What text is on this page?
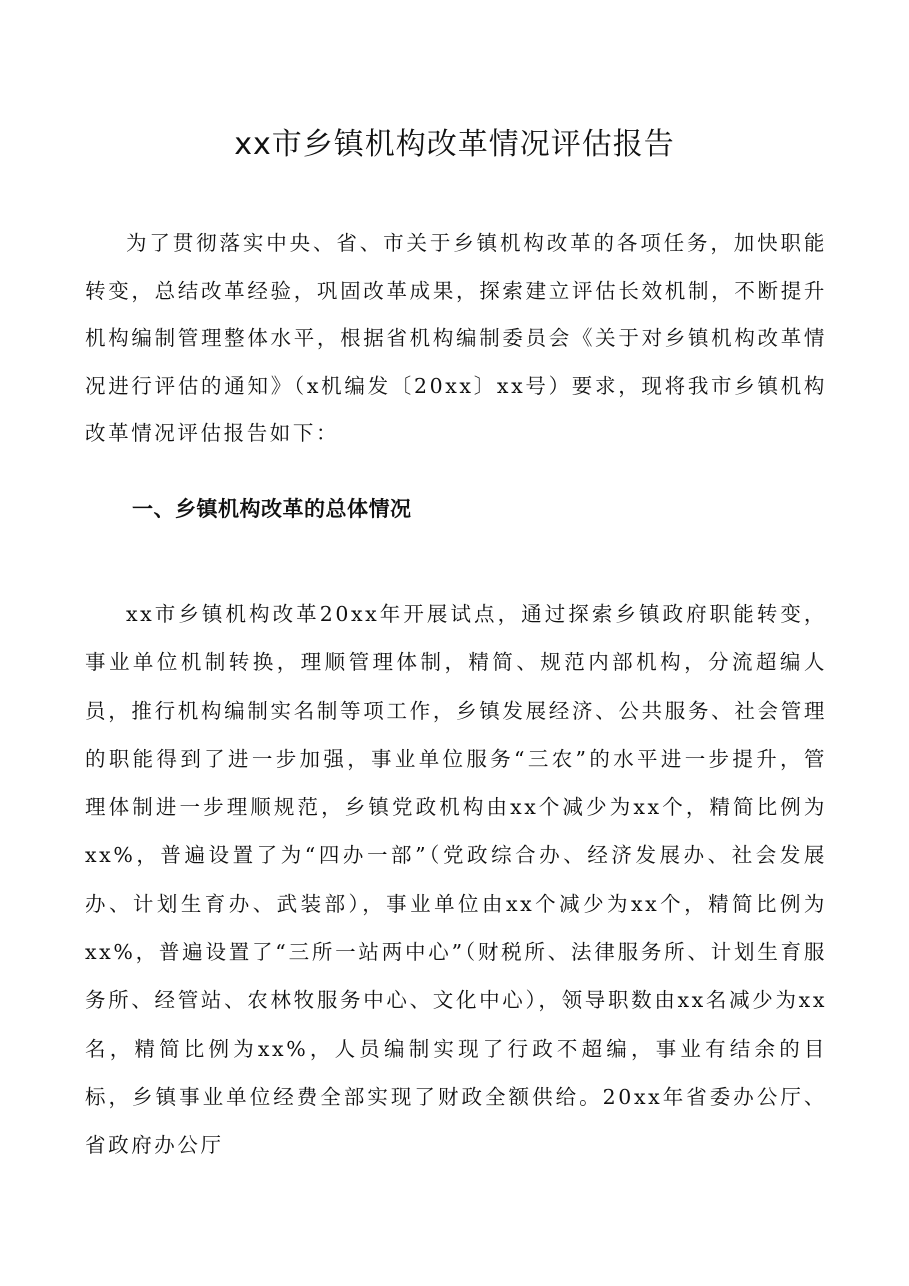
xx市乡镇机构改革情况评估报告

为了贯彻落实中央、省、市关于乡镇机构改革的各项任务，加快职能转变，总结改革经验，巩固改革成果，探索建立评估长效机制，不断提升机构编制管理整体水平，根据省机构编制委员会《关于对乡镇机构改革情况进行评估的通知》（x机编发〔20xx〕xx号）要求，现将我市乡镇机构改革情况评估报告如下：

一、乡镇机构改革的总体情况

xx市乡镇机构改革20xx年开展试点，通过探索乡镇政府职能转变，事业单位机制转换，理顺管理体制，精简、规范内部机构，分流超编人员，推行机构编制实名制等项工作，乡镇发展经济、公共服务、社会管理的职能得到了进一步加强，事业单位服务“三农”的水平进一步提升，管理体制进一步理顺规范，乡镇党政机构由xx个减少为xx个，精简比例为xx%，普遍设置了为“四办一部”（党政综合办、经济发展办、社会发展办、计划生育办、武装部），事业单位由xx个减少为xx个，精简比例为xx%，普遍设置了“三所一站两中心”（财税所、法律服务所、计划生育服务所、经管站、农林牧服务中心、文化中心），领导职数由xx名减少为xx名，精简比例为xx%，人员编制实现了行政不超编，事业有结余的目标，乡镇事业单位经费全部实现了财政全额供给。20xx年省委办公厅、省政府办公厅
